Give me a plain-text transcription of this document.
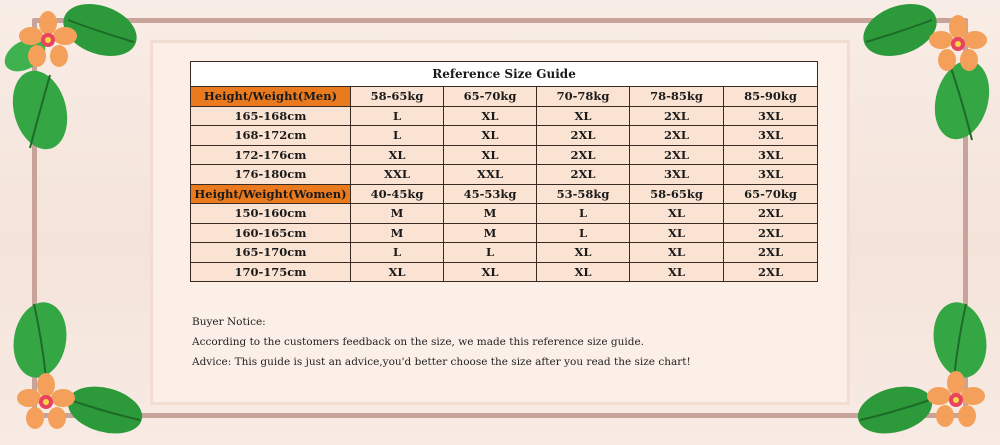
Reference Size Guide					
Height/Weight(Men)	58-65kg	65-70kg	70-78kg	78-85kg	85-90kg
165-168cm	L	XL	XL	2XL	3XL
168-172cm	L	XL	2XL	2XL	3XL
172-176cm	XL	XL	2XL	2XL	3XL
176-180cm	XXL	XXL	2XL	3XL	3XL
Height/Weight(Women)	40-45kg	45-53kg	53-58kg	58-65kg	65-70kg
150-160cm	M	M	L	XL	2XL
160-165cm	M	M	L	XL	2XL
165-170cm	L	L	XL	XL	2XL
170-175cm	XL	XL	XL	XL	2XL
Buyer Notice:
According to the customers feedback on the size, we made this reference size guide.
Advice: This guide is just an advice,you'd better choose the size after you read the size chart!
